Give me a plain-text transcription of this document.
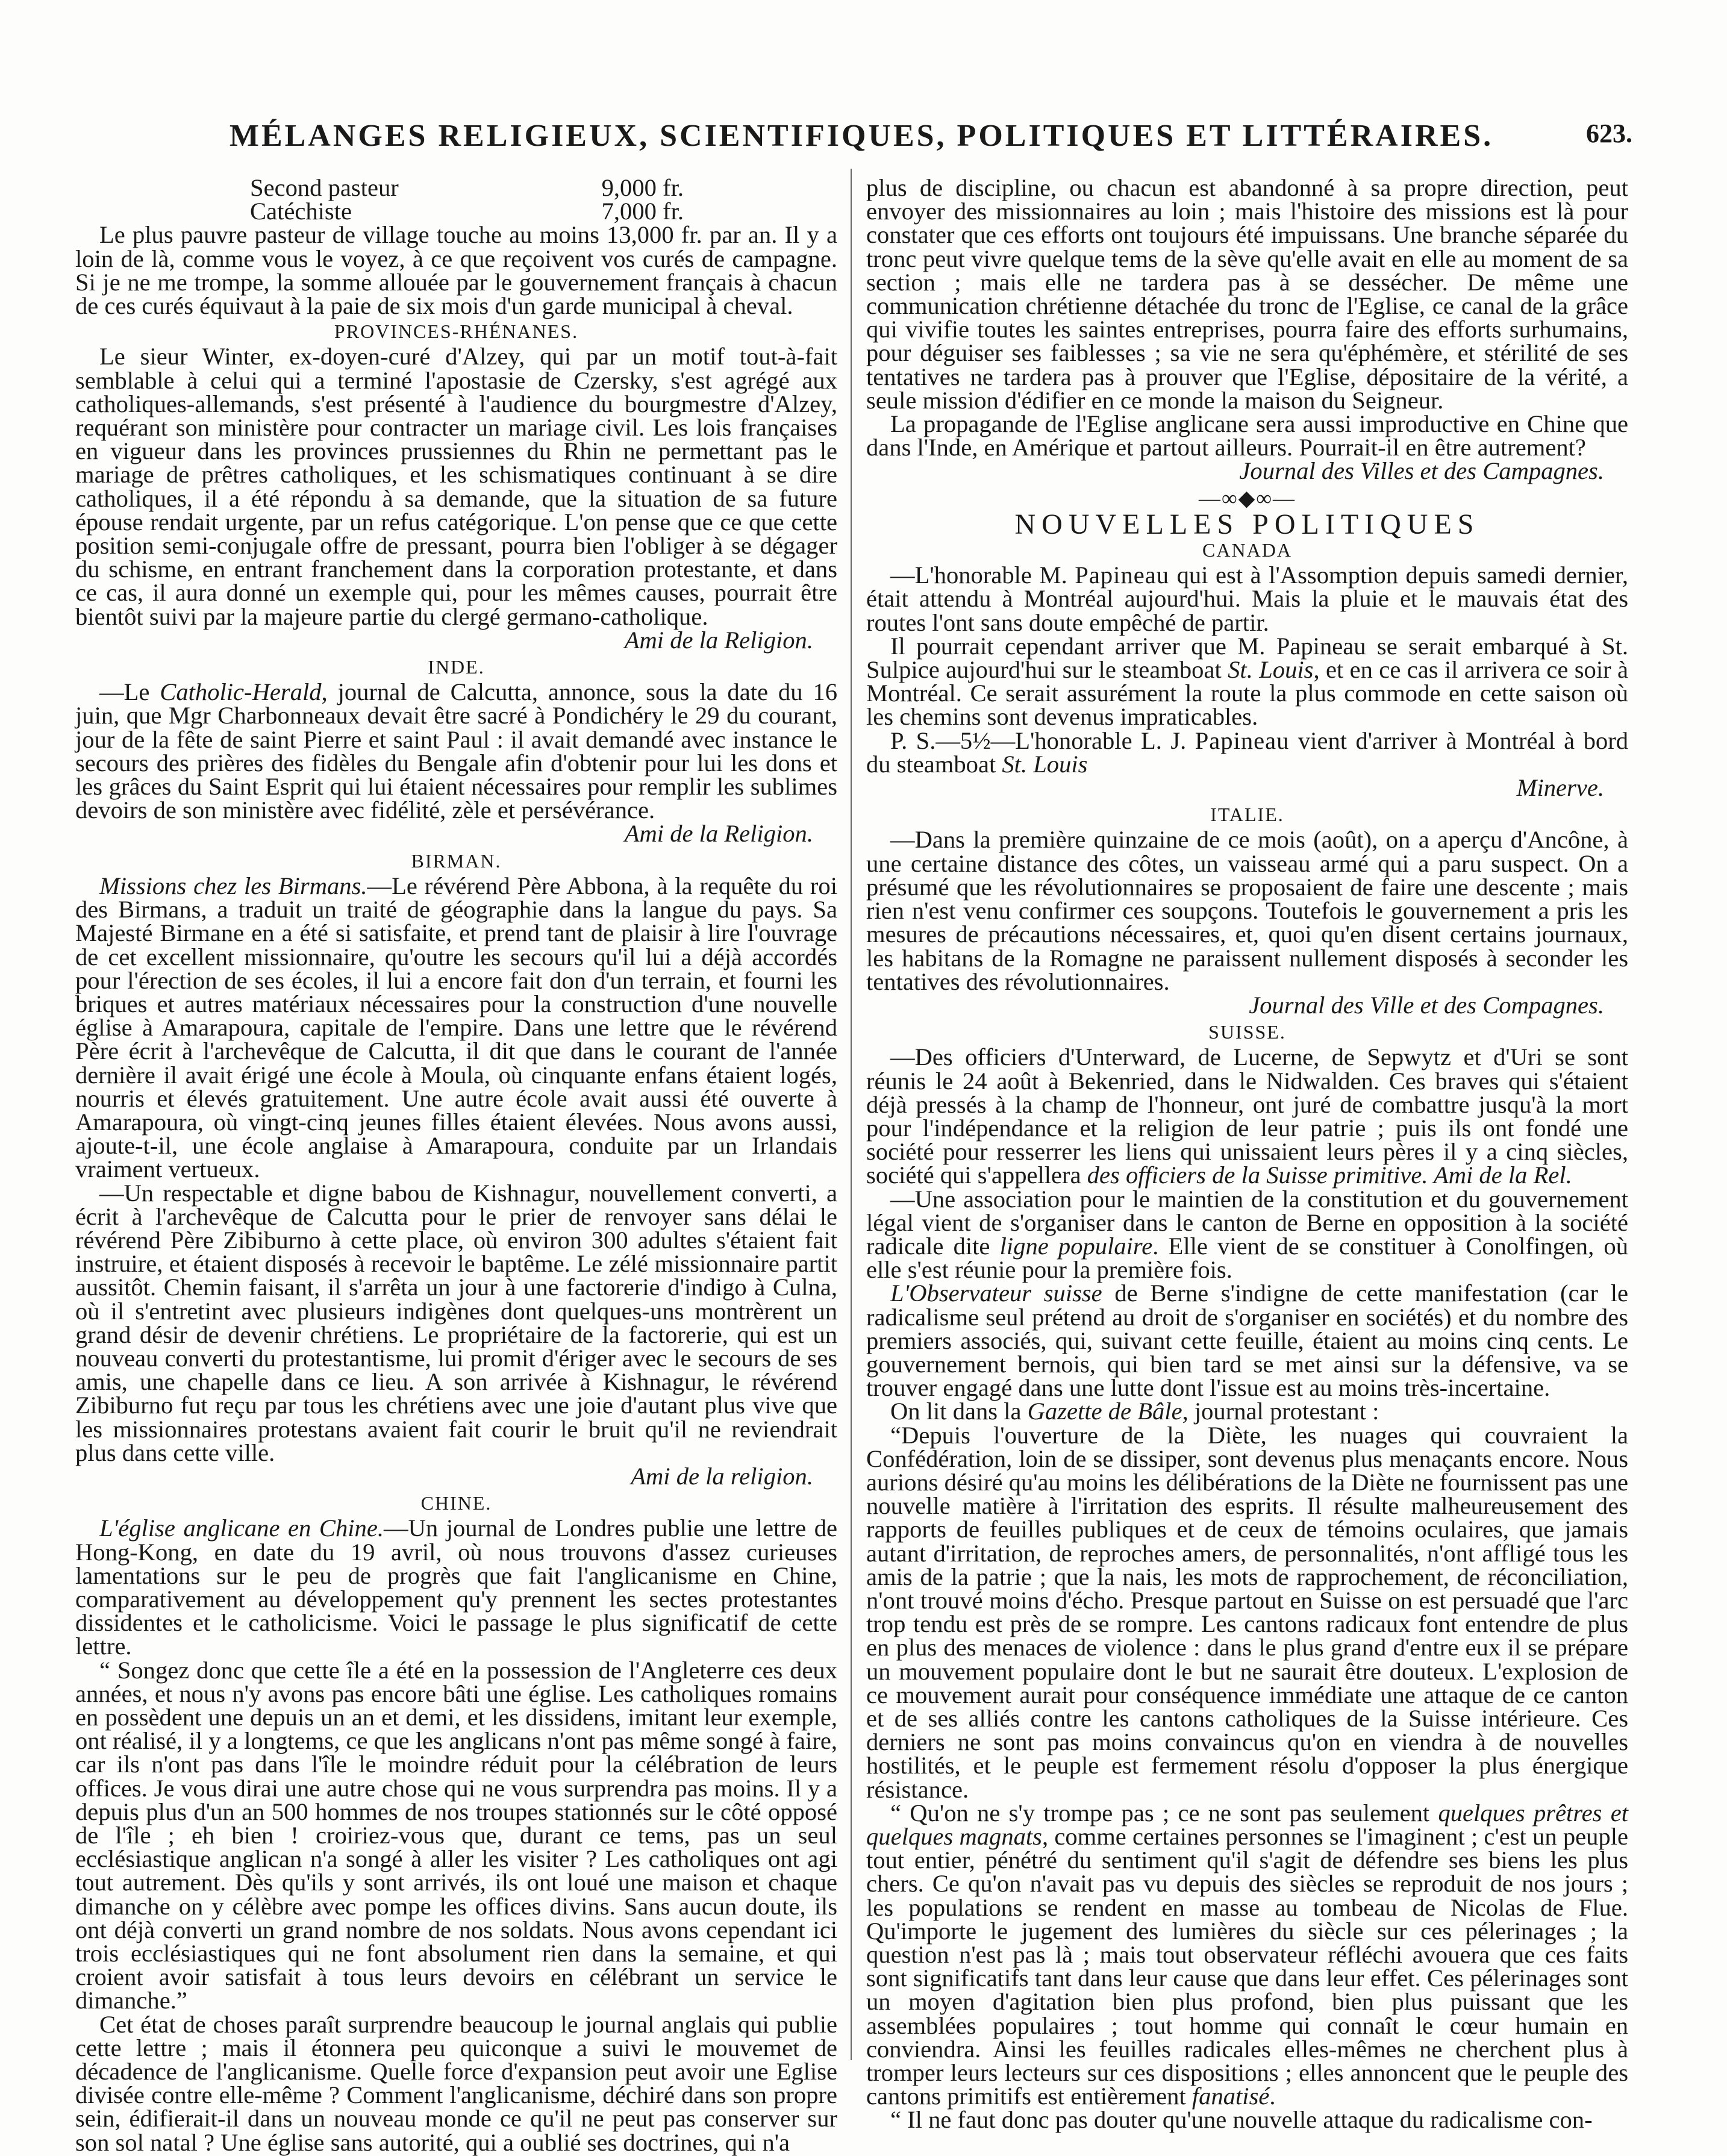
MÉLANGES RELIGIEUX, SCIENTIFIQUES, POLITIQUES ET LITTÉRAIRES.	623.
Second pasteur	9,000 fr.
Catéchiste	7,000 fr.

Le plus pauvre pasteur de village touche au moins 13,000 fr. par an. Il y a loin de là, comme vous le voyez, à ce que reçoivent vos curés de campagne. Si je ne me trompe, la somme allouée par le gouvernement français à chacun de ces curés équivaut à la paie de six mois d'un garde municipal à cheval.

PROVINCES-RHÉNANES.

Le sieur Winter, ex-doyen-curé d'Alzey, qui par un motif tout-à-fait semblable à celui qui a terminé l'apostasie de Czersky, s'est agrégé aux catholiques-allemands, s'est présenté à l'audience du bourgmestre d'Alzey, requérant son ministère pour contracter un mariage civil. Les lois françaises en vigueur dans les provinces prussiennes du Rhin ne permettant pas le mariage de prêtres catholiques, et les schismatiques continuant à se dire catholiques, il a été répondu à sa demande, que la situation de sa future épouse rendait urgente, par un refus catégorique. L'on pense que ce que cette position semi-conjugale offre de pressant, pourra bien l'obliger à se dégager du schisme, en entrant franchement dans la corporation protestante, et dans ce cas, il aura donné un exemple qui, pour les mêmes causes, pourrait être bientôt suivi par la majeure partie du clergé germano-catholique.

Ami de la Religion.

INDE.

—Le Catholic-Herald, journal de Calcutta, annonce, sous la date du 16 juin, que Mgr Charbonneaux devait être sacré à Pondichéry le 29 du courant, jour de la fête de saint Pierre et saint Paul : il avait demandé avec instance le secours des prières des fidèles du Bengale afin d'obtenir pour lui les dons et les grâces du Saint Esprit qui lui étaient nécessaires pour remplir les sublimes devoirs de son ministère avec fidélité, zèle et persévérance.

Ami de la Religion.

BIRMAN.

Missions chez les Birmans.—Le révérend Père Abbona, à la requête du roi des Birmans, a traduit un traité de géographie dans la langue du pays. Sa Majesté Birmane en a été si satisfaite, et prend tant de plaisir à lire l'ouvrage de cet excellent missionnaire, qu'outre les secours qu'il lui a déjà accordés pour l'érection de ses écoles, il lui a encore fait don d'un terrain, et fourni les briques et autres matériaux nécessaires pour la construction d'une nouvelle église à Amarapoura, capitale de l'empire. Dans une lettre que le révérend Père écrit à l'archevêque de Calcutta, il dit que dans le courant de l'année dernière il avait érigé une école à Moula, où cinquante enfans étaient logés, nourris et élevés gratuitement. Une autre école avait aussi été ouverte à Amarapoura, où vingt-cinq jeunes filles étaient élevées. Nous avons aussi, ajoute-t-il, une école anglaise à Amarapoura, conduite par un Irlandais vraiment vertueux.

—Un respectable et digne babou de Kishnagur, nouvellement converti, a écrit à l'archevêque de Calcutta pour le prier de renvoyer sans délai le révérend Père Zibiburno à cette place, où environ 300 adultes s'étaient fait instruire, et étaient disposés à recevoir le baptême. Le zélé missionnaire partit aussitôt. Chemin faisant, il s'arrêta un jour à une factorerie d'indigo à Culna, où il s'entretint avec plusieurs indigènes dont quelques-uns montrèrent un grand désir de devenir chrétiens. Le propriétaire de la factorerie, qui est un nouveau converti du protestantisme, lui promit d'ériger avec le secours de ses amis, une chapelle dans ce lieu. A son arrivée à Kishnagur, le révérend Zibiburno fut reçu par tous les chrétiens avec une joie d'autant plus vive que les missionnaires protestans avaient fait courir le bruit qu'il ne reviendrait plus dans cette ville.

Ami de la religion.

CHINE.

L'église anglicane en Chine.—Un journal de Londres publie une lettre de Hong-Kong, en date du 19 avril, où nous trouvons d'assez curieuses lamentations sur le peu de progrès que fait l'anglicanisme en Chine, comparativement au développement qu'y prennent les sectes protestantes dissidentes et le catholicisme. Voici le passage le plus significatif de cette lettre.

“ Songez donc que cette île a été en la possession de l'Angleterre ces deux années, et nous n'y avons pas encore bâti une église. Les catholiques romains en possèdent une depuis un an et demi, et les dissidens, imitant leur exemple, ont réalisé, il y a longtems, ce que les anglicans n'ont pas même songé à faire, car ils n'ont pas dans l'île le moindre réduit pour la célébration de leurs offices. Je vous dirai une autre chose qui ne vous surprendra pas moins. Il y a depuis plus d'un an 500 hommes de nos troupes stationnés sur le côté opposé de l'île ; eh bien ! croiriez-vous que, durant ce tems, pas un seul ecclésiastique anglican n'a songé à aller les visiter ? Les catholiques ont agi tout autrement. Dès qu'ils y sont arrivés, ils ont loué une maison et chaque dimanche on y célèbre avec pompe les offices divins. Sans aucun doute, ils ont déjà converti un grand nombre de nos soldats. Nous avons cependant ici trois ecclésiastiques qui ne font absolument rien dans la semaine, et qui croient avoir satisfait à tous leurs devoirs en célébrant un service le dimanche.”

Cet état de choses paraît surprendre beaucoup le journal anglais qui publie cette lettre ; mais il étonnera peu quiconque a suivi le mouvemet de décadence de l'anglicanisme. Quelle force d'expansion peut avoir une Eglise divisée contre elle-même ? Comment l'anglicanisme, déchiré dans son propre sein, édifierait-il dans un nouveau monde ce qu'il ne peut pas conserver sur son sol natal ? Une église sans autorité, qui a oublié ses doctrines, qui n'a

plus de discipline, ou chacun est abandonné à sa propre direction, peut envoyer des missionnaires au loin ; mais l'histoire des missions est là pour constater que ces efforts ont toujours été impuissans. Une branche séparée du tronc peut vivre quelque tems de la sève qu'elle avait en elle au moment de sa section ; mais elle ne tardera pas à se dessécher. De même une communication chrétienne détachée du tronc de l'Eglise, ce canal de la grâce qui vivifie toutes les saintes entreprises, pourra faire des efforts surhumains, pour déguiser ses faiblesses ; sa vie ne sera qu'éphémère, et stérilité de ses tentatives ne tardera pas à prouver que l'Eglise, dépositaire de la vérité, a seule mission d'édifier en ce monde la maison du Seigneur.

La propagande de l'Eglise anglicane sera aussi improductive en Chine que dans l'Inde, en Amérique et partout ailleurs. Pourrait-il en être autrement?

Journal des Villes et des Campagnes.

—∞◆∞—

NOUVELLES POLITIQUES

CANADA

—L'honorable M. Papineau qui est à l'Assomption depuis samedi dernier, était attendu à Montréal aujourd'hui. Mais la pluie et le mauvais état des routes l'ont sans doute empêché de partir.

Il pourrait cependant arriver que M. Papineau se serait embarqué à St. Sulpice aujourd'hui sur le steamboat St. Louis, et en ce cas il arrivera ce soir à Montréal. Ce serait assurément la route la plus commode en cette saison où les chemins sont devenus impraticables.

P. S.—5½—L'honorable L. J. Papineau vient d'arriver à Montréal à bord du steamboat St. Louis

Minerve.

ITALIE.

—Dans la première quinzaine de ce mois (août), on a aperçu d'Ancône, à une certaine distance des côtes, un vaisseau armé qui a paru suspect. On a présumé que les révolutionnaires se proposaient de faire une descente ; mais rien n'est venu confirmer ces soupçons. Toutefois le gouvernement a pris les mesures de précautions nécessaires, et, quoi qu'en disent certains journaux, les habitans de la Romagne ne paraissent nullement disposés à seconder les tentatives des révolutionnaires.

Journal des Ville et des Compagnes.

SUISSE.

—Des officiers d'Unterward, de Lucerne, de Sepwytz et d'Uri se sont réunis le 24 août à Bekenried, dans le Nidwalden. Ces braves qui s'étaient déjà pressés à la champ de l'honneur, ont juré de combattre jusqu'à la mort pour l'indépendance et la religion de leur patrie ; puis ils ont fondé une société pour resserrer les liens qui unissaient leurs pères il y a cinq siècles, société qui s'appellera des officiers de la Suisse primitive. Ami de la Rel.

—Une association pour le maintien de la constitution et du gouvernement légal vient de s'organiser dans le canton de Berne en opposition à la société radicale dite ligne populaire. Elle vient de se constituer à Conolfingen, où elle s'est réunie pour la première fois.

L'Observateur suisse de Berne s'indigne de cette manifestation (car le radicalisme seul prétend au droit de s'organiser en sociétés) et du nombre des premiers associés, qui, suivant cette feuille, étaient au moins cinq cents. Le gouvernement bernois, qui bien tard se met ainsi sur la défensive, va se trouver engagé dans une lutte dont l'issue est au moins très-incertaine.

On lit dans la Gazette de Bâle, journal protestant :

“Depuis l'ouverture de la Diète, les nuages qui couvraient la Confédération, loin de se dissiper, sont devenus plus menaçants encore. Nous aurions désiré qu'au moins les délibérations de la Diète ne fournissent pas une nouvelle matière à l'irritation des esprits. Il résulte malheureusement des rapports de feuilles publiques et de ceux de témoins oculaires, que jamais autant d'irritation, de reproches amers, de personnalités, n'ont affligé tous les amis de la patrie ; que la nais, les mots de rapprochement, de réconciliation, n'ont trouvé moins d'écho. Presque partout en Suisse on est persuadé que l'arc trop tendu est près de se rompre. Les cantons radicaux font entendre de plus en plus des menaces de violence : dans le plus grand d'entre eux il se prépare un mouvement populaire dont le but ne saurait être douteux. L'explosion de ce mouvement aurait pour conséquence immédiate une attaque de ce canton et de ses alliés contre les cantons catholiques de la Suisse intérieure. Ces derniers ne sont pas moins convaincus qu'on en viendra à de nouvelles hostilités, et le peuple est fermement résolu d'opposer la plus énergique résistance.

“ Qu'on ne s'y trompe pas ; ce ne sont pas seulement quelques prêtres et quelques magnats, comme certaines personnes se l'imaginent ; c'est un peuple tout entier, pénétré du sentiment qu'il s'agit de défendre ses biens les plus chers. Ce qu'on n'avait pas vu depuis des siècles se reproduit de nos jours ; les populations se rendent en masse au tombeau de Nicolas de Flue. Qu'importe le jugement des lumières du siècle sur ces pélerinages ; la question n'est pas là ; mais tout observateur réfléchi avouera que ces faits sont significatifs tant dans leur cause que dans leur effet. Ces pélerinages sont un moyen d'agitation bien plus profond, bien plus puissant que les assemblées populaires ; tout homme qui connaît le cœur humain en conviendra. Ainsi les feuilles radicales elles-mêmes ne cherchent plus à tromper leurs lecteurs sur ces dispositions ; elles annoncent que le peuple des cantons primitifs est entièrement fanatisé.

“ Il ne faut donc pas douter qu'une nouvelle attaque du radicalisme con-
